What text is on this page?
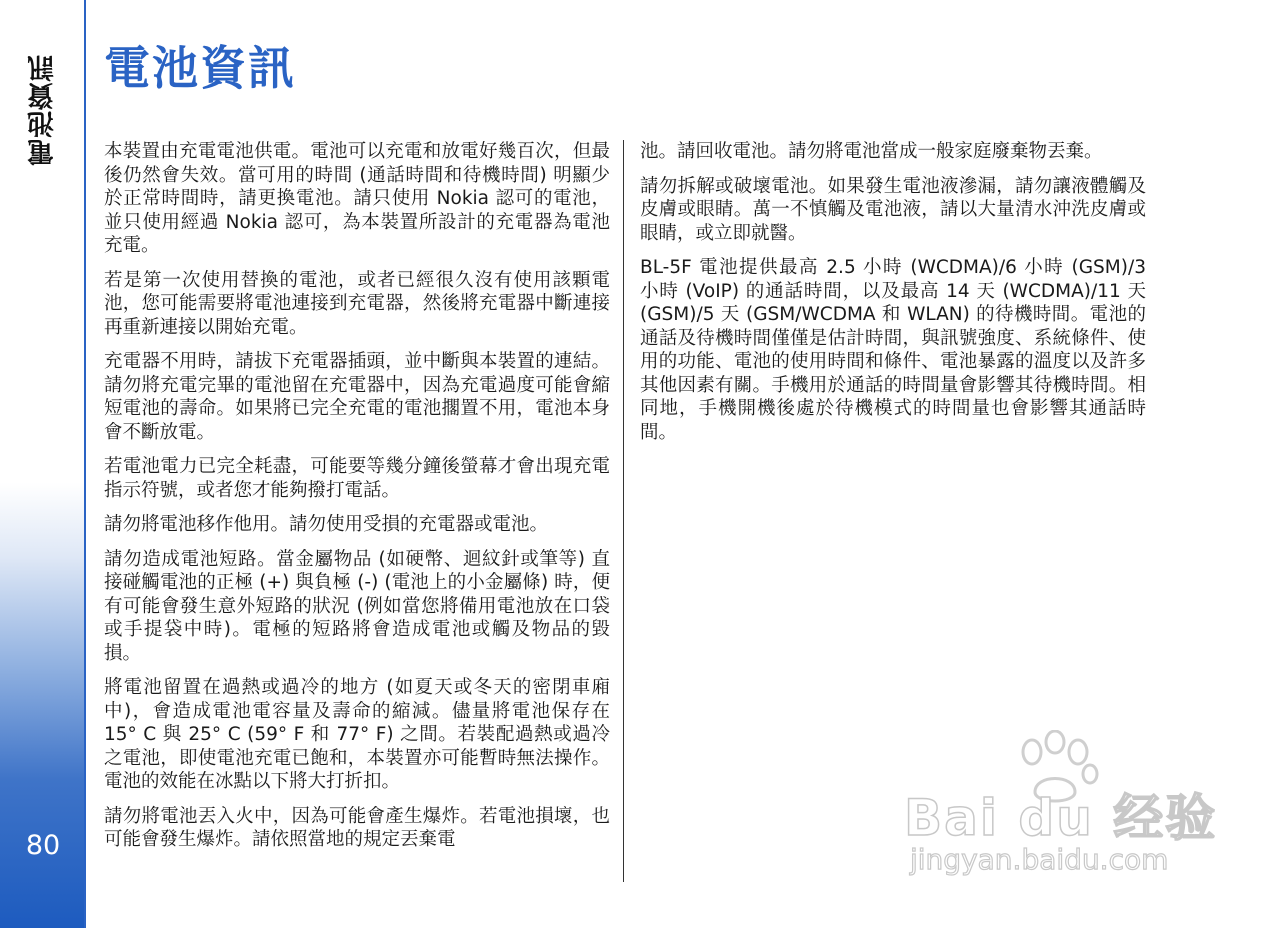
電池資訊
80
電池資訊

本裝置由充電電池供電。電池可以充電和放電好幾百次，但最後仍然會失效。當可用的時間 (通話時間和待機時間) 明顯少於正常時間時，請更換電池。請只使用 Nokia 認可的電池，並只使用經過 Nokia 認可，為本裝置所設計的充電器為電池充電。

若是第一次使用替換的電池，或者已經很久沒有使用該顆電池，您可能需要將電池連接到充電器，然後將充電器中斷連接再重新連接以開始充電。

充電器不用時，請拔下充電器插頭，並中斷與本裝置的連結。請勿將充電完畢的電池留在充電器中，因為充電過度可能會縮短電池的壽命。如果將已完全充電的電池擱置不用，電池本身會不斷放電。

若電池電力已完全耗盡，可能要等幾分鐘後螢幕才會出現充電指示符號，或者您才能夠撥打電話。

請勿將電池移作他用。請勿使用受損的充電器或電池。

請勿造成電池短路。當金屬物品 (如硬幣、迴紋針或筆等) 直接碰觸電池的正極 (+) 與負極 (-) (電池上的小金屬條) 時，便有可能會發生意外短路的狀況 (例如當您將備用電池放在口袋或手提袋中時)。電極的短路將會造成電池或觸及物品的毀損。

將電池留置在過熱或過冷的地方 (如夏天或冬天的密閉車廂中)，會造成電池電容量及壽命的縮減。儘量將電池保存在 15° C 與 25° C (59° F 和 77° F) 之間。若裝配過熱或過冷之電池，即使電池充電已飽和，本裝置亦可能暫時無法操作。電池的效能在冰點以下將大打折扣。

請勿將電池丟入火中，因為可能會產生爆炸。若電池損壞，也可能會發生爆炸。請依照當地的規定丟棄電

池。請回收電池。請勿將電池當成一般家庭廢棄物丟棄。

請勿拆解或破壞電池。如果發生電池液滲漏，請勿讓液體觸及皮膚或眼睛。萬一不慎觸及電池液，請以大量清水沖洗皮膚或眼睛，或立即就醫。

BL-5F 電池提供最高 2.5 小時 (WCDMA)/6 小時 (GSM)/3 小時 (VoIP) 的通話時間，以及最高 14 天 (WCDMA)/11 天 (GSM)/5 天 (GSM/WCDMA 和 WLAN) 的待機時間。電池的通話及待機時間僅僅是估計時間，與訊號強度、系統條件、使用的功能、電池的使用時間和條件、電池暴露的溫度以及許多其他因素有關。手機用於通話的時間量會影響其待機時間。相同地，手機開機後處於待機模式的時間量也會影響其通話時間。

Bai du 经验
jingyan.baidu.com
